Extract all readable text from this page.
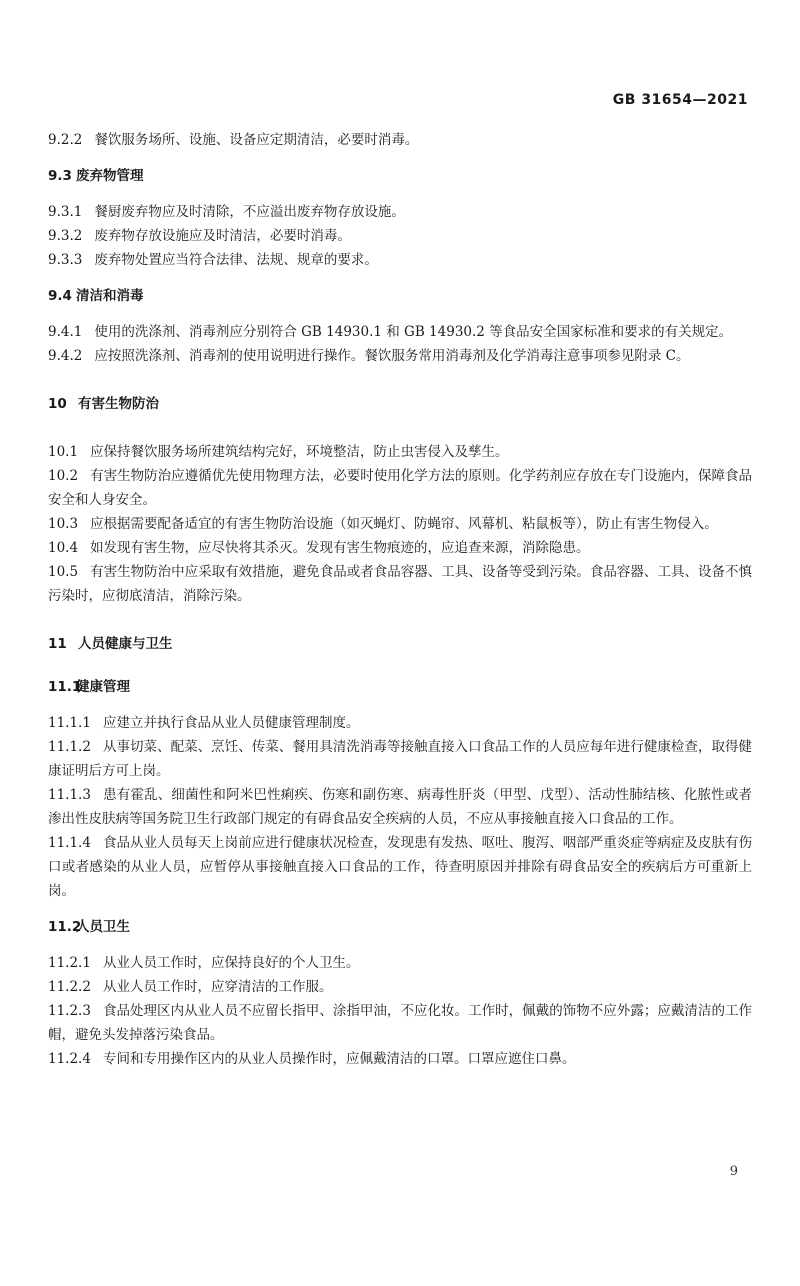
GB 31654—2021

9.2.2 餐饮服务场所、设施、设备应定期清洁，必要时消毒。

9.3 废弃物管理

9.3.1 餐厨废弃物应及时清除，不应溢出废弃物存放设施。

9.3.2 废弃物存放设施应及时清洁，必要时消毒。

9.3.3 废弃物处置应当符合法律、法规、规章的要求。

9.4 清洁和消毒

9.4.1 使用的洗涤剂、消毒剂应分别符合 GB 14930.1 和 GB 14930.2 等食品安全国家标准和要求的有关规定。

9.4.2 应按照洗涤剂、消毒剂的使用说明进行操作。餐饮服务常用消毒剂及化学消毒注意事项参见附录 C。

10 有害生物防治

10.1 应保持餐饮服务场所建筑结构完好，环境整洁，防止虫害侵入及孳生。

10.2 有害生物防治应遵循优先使用物理方法，必要时使用化学方法的原则。化学药剂应存放在专门设施内，保障食品安全和人身安全。

10.3 应根据需要配备适宜的有害生物防治设施（如灭蝇灯、防蝇帘、风幕机、粘鼠板等），防止有害生物侵入。

10.4 如发现有害生物，应尽快将其杀灭。发现有害生物痕迹的，应追查来源，消除隐患。

10.5 有害生物防治中应采取有效措施，避免食品或者食品容器、工具、设备等受到污染。食品容器、工具、设备不慎污染时，应彻底清洁，消除污染。

11 人员健康与卫生

11.1健康管理

11.1.1 应建立并执行食品从业人员健康管理制度。

11.1.2 从事切菜、配菜、烹饪、传菜、餐用具清洗消毒等接触直接入口食品工作的人员应每年进行健康检查，取得健康证明后方可上岗。

11.1.3 患有霍乱、细菌性和阿米巴性痢疾、伤寒和副伤寒、病毒性肝炎（甲型、戊型）、活动性肺结核、化脓性或者渗出性皮肤病等国务院卫生行政部门规定的有碍食品安全疾病的人员，不应从事接触直接入口食品的工作。

11.1.4 食品从业人员每天上岗前应进行健康状况检查，发现患有发热、呕吐、腹泻、咽部严重炎症等病症及皮肤有伤口或者感染的从业人员，应暂停从事接触直接入口食品的工作，待查明原因并排除有碍食品安全的疾病后方可重新上岗。

11.2人员卫生

11.2.1 从业人员工作时，应保持良好的个人卫生。

11.2.2 从业人员工作时，应穿清洁的工作服。

11.2.3 食品处理区内从业人员不应留长指甲、涂指甲油，不应化妆。工作时，佩戴的饰物不应外露；应戴清洁的工作帽，避免头发掉落污染食品。

11.2.4 专间和专用操作区内的从业人员操作时，应佩戴清洁的口罩。口罩应遮住口鼻。

9
